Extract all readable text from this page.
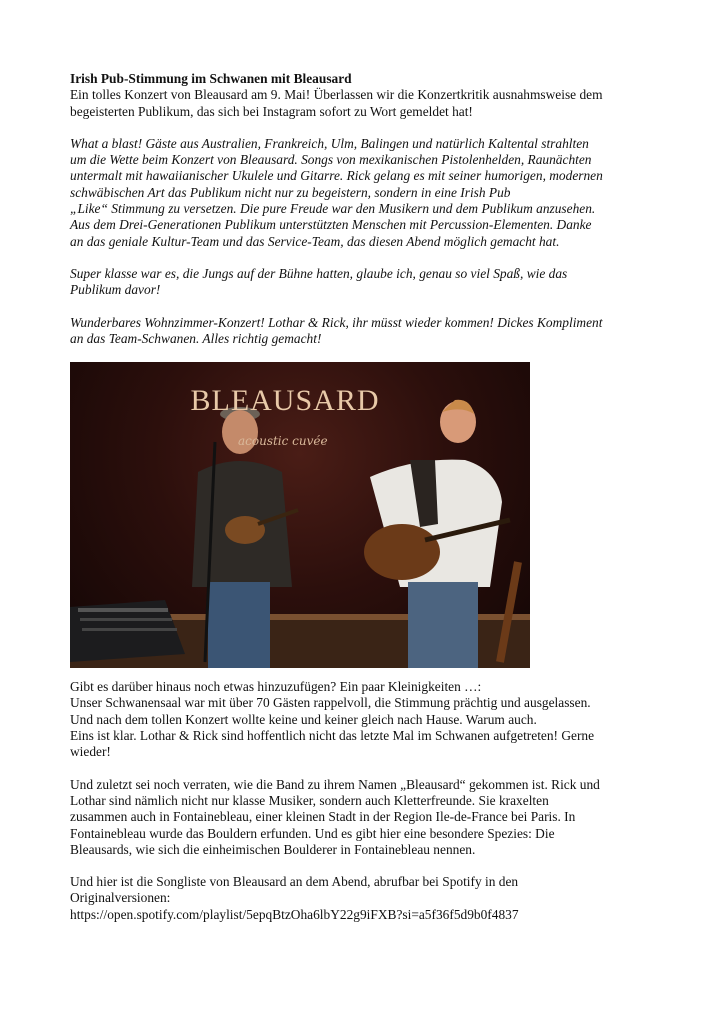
Irish Pub-Stimmung im Schwanen mit Bleausard

Ein tolles Konzert von Bleausard am 9. Mai! Überlassen wir die Konzertkritik ausnahmsweise dem
begeisterten Publikum, das sich bei Instagram sofort zu Wort gemeldet hat!

What a blast! Gäste aus Australien, Frankreich, Ulm, Balingen und natürlich Kaltental strahlten
um die Wette beim Konzert von Bleausard. Songs von mexikanischen Pistolenhelden, Raunächten
untermalt mit hawaiianischer Ukulele und Gitarre. Rick gelang es mit seiner humorigen, modernen
schwäbischen Art das Publikum nicht nur zu begeistern, sondern in eine Irish Pub
„Like“ Stimmung zu versetzen. Die pure Freude war den Musikern und dem Publikum anzusehen.
Aus dem Drei-Generationen Publikum unterstützten Menschen mit Percussion-Elementen. Danke
an das geniale Kultur-Team und das Service-Team, das diesen Abend möglich gemacht hat.

Super klasse war es, die Jungs auf der Bühne hatten, glaube ich, genau so viel Spaß, wie das
Publikum davor!

Wunderbares Wohnzimmer-Konzert! Lothar & Rick, ihr müsst wieder kommen! Dickes Kompliment
an das Team-Schwanen. Alles richtig gemacht!

BLEAUSARD
acoustic cuvée

Gibt es darüber hinaus noch etwas hinzuzufügen? Ein paar Kleinigkeiten …:
Unser Schwanensaal war mit über 70 Gästen rappelvoll, die Stimmung prächtig und ausgelassen.
Und nach dem tollen Konzert wollte keine und keiner gleich nach Hause. Warum auch.
Eins ist klar. Lothar & Rick sind hoffentlich nicht das letzte Mal im Schwanen aufgetreten! Gerne
wieder!

Und zuletzt sei noch verraten, wie die Band zu ihrem Namen „Bleausard“ gekommen ist. Rick und
Lothar sind nämlich nicht nur klasse Musiker, sondern auch Kletterfreunde. Sie kraxelten
zusammen auch in Fontainebleau, einer kleinen Stadt in der Region Ile-de-France bei Paris. In
Fontainebleau wurde das Bouldern erfunden. Und es gibt hier eine besondere Spezies: Die
Bleausards, wie sich die einheimischen Boulderer in Fontainebleau nennen.

Und hier ist die Songliste von Bleausard an dem Abend, abrufbar bei Spotify in den
Originalversionen:
https://open.spotify.com/playlist/5epqBtzOha6lbY22g9iFXB?si=a5f36f5d9b0f4837
